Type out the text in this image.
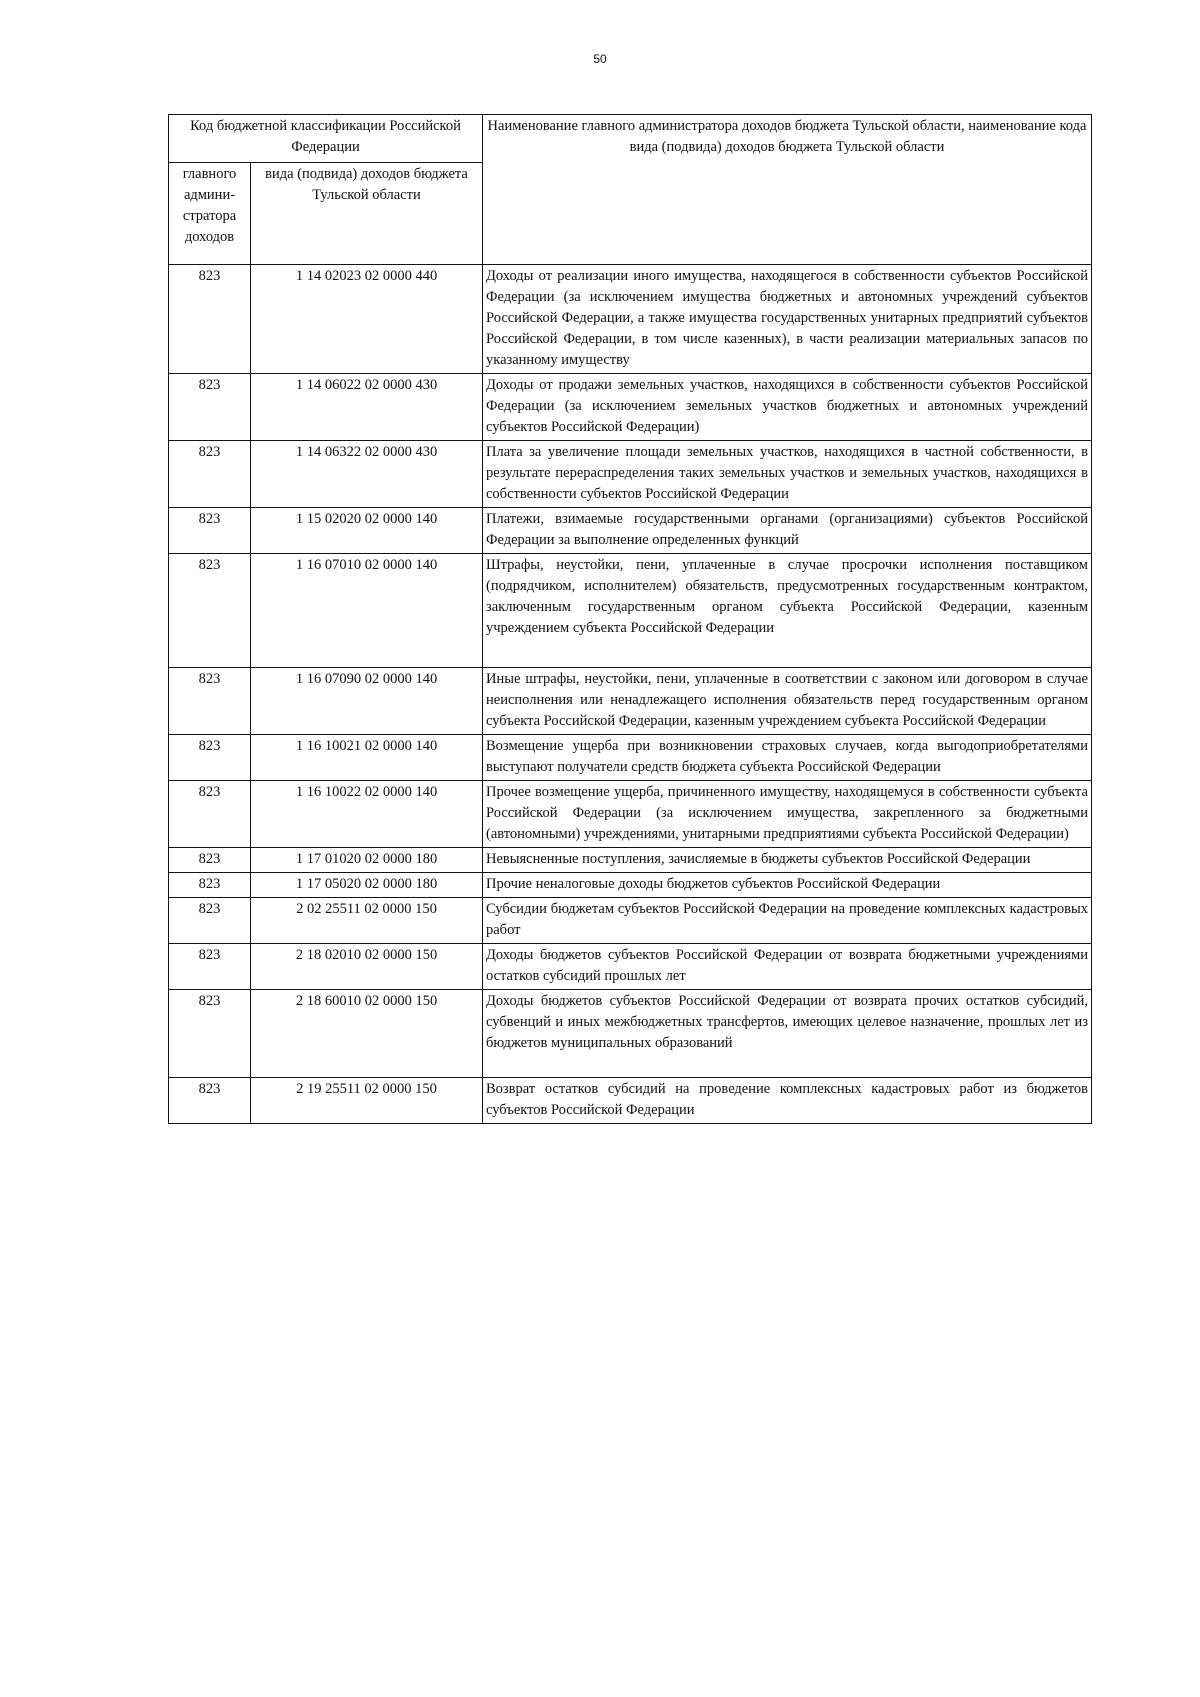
50
Код бюджетной классификации Российской Федерации		Наименование главного администратора доходов бюджета Тульской области, наименование кода вида (подвида) доходов бюджета Тульской области
главного админи-стратора доходов	вида (подвида) доходов бюджета Тульской области	
823	1 14 02023 02 0000 440	Доходы от реализации иного имущества, находящегося в собственности субъектов Российской Федерации (за исключением имущества бюджетных и автономных учреждений субъектов Российской Федерации, а также имущества государственных унитарных предприятий субъектов Российской Федерации, в том числе казенных), в части реализации материальных запасов по указанному имуществу
823	1 14 06022 02 0000 430	Доходы от продажи земельных участков, находящихся в собственности субъектов Российской Федерации (за исключением земельных участков бюджетных и автономных учреждений субъектов Российской Федерации)
823	1 14 06322 02 0000 430	Плата за увеличение площади земельных участков, находящихся в частной собственности, в результате перераспределения таких земельных участков и земельных участков, находящихся в собственности субъектов Российской Федерации
823	1 15 02020 02 0000 140	Платежи, взимаемые государственными органами (организациями) субъектов Российской Федерации за выполнение определенных функций
823	1 16 07010 02 0000 140	Штрафы, неустойки, пени, уплаченные в случае просрочки исполнения поставщиком (подрядчиком, исполнителем) обязательств, предусмотренных государственным контрактом, заключенным государственным органом субъекта Российской Федерации, казенным учреждением субъекта Российской Федерации
823	1 16 07090 02 0000 140	Иные штрафы, неустойки, пени, уплаченные в соответствии с законом или договором в случае неисполнения или ненадлежащего исполнения обязательств перед государственным органом субъекта Российской Федерации, казенным учреждением субъекта Российской Федерации
823	1 16 10021 02 0000 140	Возмещение ущерба при возникновении страховых случаев, когда выгодоприобретателями выступают получатели средств бюджета субъекта Российской Федерации
823	1 16 10022 02 0000 140	Прочее возмещение ущерба, причиненного имуществу, находящемуся в собственности субъекта Российской Федерации (за исключением имущества, закрепленного за бюджетными (автономными) учреждениями, унитарными предприятиями субъекта Российской Федерации)
823	1 17 01020 02 0000 180	Невыясненные поступления, зачисляемые в бюджеты субъектов Российской Федерации
823	1 17 05020 02 0000 180	Прочие неналоговые доходы бюджетов субъектов Российской Федерации
823	2 02 25511 02 0000 150	Субсидии бюджетам субъектов Российской Федерации на проведение комплексных кадастровых работ
823	2 18 02010 02 0000 150	Доходы бюджетов субъектов Российской Федерации от возврата бюджетными учреждениями остатков субсидий прошлых лет
823	2 18 60010 02 0000 150	Доходы бюджетов субъектов Российской Федерации от возврата прочих остатков субсидий, субвенций и иных межбюджетных трансфертов, имеющих целевое назначение, прошлых лет из бюджетов муниципальных образований
823	2 19 25511 02 0000 150	Возврат остатков субсидий на проведение комплексных кадастровых работ из бюджетов субъектов Российской Федерации
